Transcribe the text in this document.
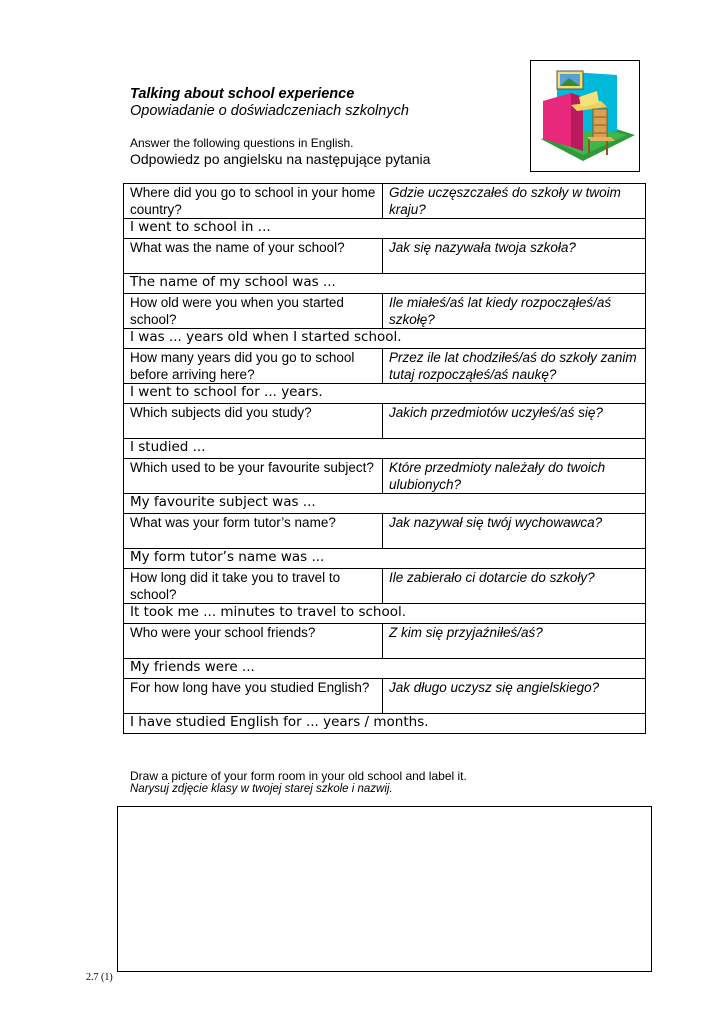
Talking about school experience
Opowiadanie o doświadczeniach szkolnych
Answer the following questions in English.
Odpowiedz po angielsku na następujące pytania
Where did you go to school in your home country?	Gdzie uczęszczałeś do szkoły w twoim kraju?
I went to school in ...	
What was the name of your school?	Jak się nazywała twoja szkoła?
The name of my school was ...	
How old were you when you started school?	Ile miałeś/aś lat kiedy rozpocząłeś/aś szkołę?
I was ... years old when I started school.	
How many years did you go to school before arriving here?	Przez ile lat chodziłeś/aś do szkoły zanim tutaj rozpocząłeś/aś naukę?
I went to school for ... years.	
Which subjects did you study?	Jakich przedmiotów uczyłeś/aś się?
I studied ...	
Which used to be your favourite subject?	Które przedmioty należały do twoich ulubionych?
My favourite subject was ...	
What was your form tutor’s name?	Jak nazywał się twój wychowawca?
My form tutor’s name was ...	
How long did it take you to travel to school?	Ile zabierało ci dotarcie do szkoły?
It took me ... minutes to travel to school.	
Who were your school friends?	Z kim się przyjaźniłeś/aś?
My friends were ...	
For how long have you studied English?	Jak długo uczysz się angielskiego?
I have studied English for ... years / months.	
Draw a picture of your form room in your old school and label it.
Narysuj zdjęcie klasy w twojej starej szkole i nazwij.
2.7 (1)
